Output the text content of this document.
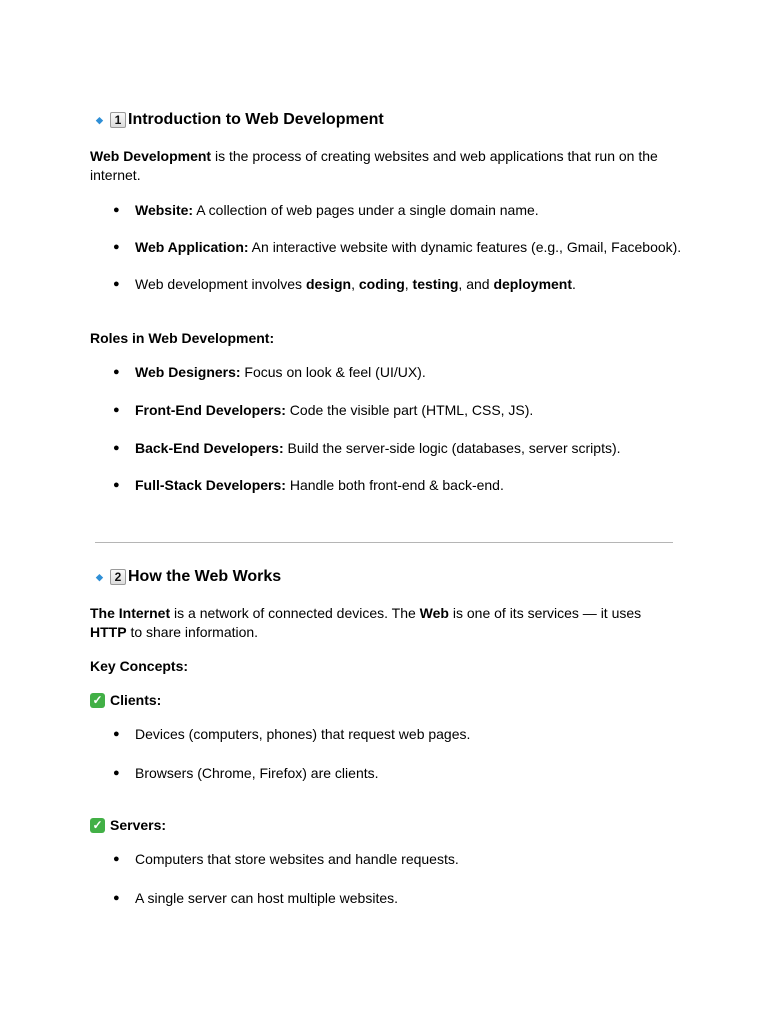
◆ 1 Introduction to Web Development
Web Development is the process of creating websites and web applications that run on the internet.
● Website: A collection of web pages under a single domain name.
● Web Application: An interactive website with dynamic features (e.g., Gmail, Facebook).
● Web development involves design, coding, testing, and deployment.
Roles in Web Development:
● Web Designers: Focus on look & feel (UI/UX).
● Front-End Developers: Code the visible part (HTML, CSS, JS).
● Back-End Developers: Build the server-side logic (databases, server scripts).
● Full-Stack Developers: Handle both front-end & back-end.
◆ 2 How the Web Works
The Internet is a network of connected devices. The Web is one of its services — it uses HTTP to share information.
Key Concepts:
✓ Clients:
● Devices (computers, phones) that request web pages.
● Browsers (Chrome, Firefox) are clients.
✓ Servers:
● Computers that store websites and handle requests.
● A single server can host multiple websites.
